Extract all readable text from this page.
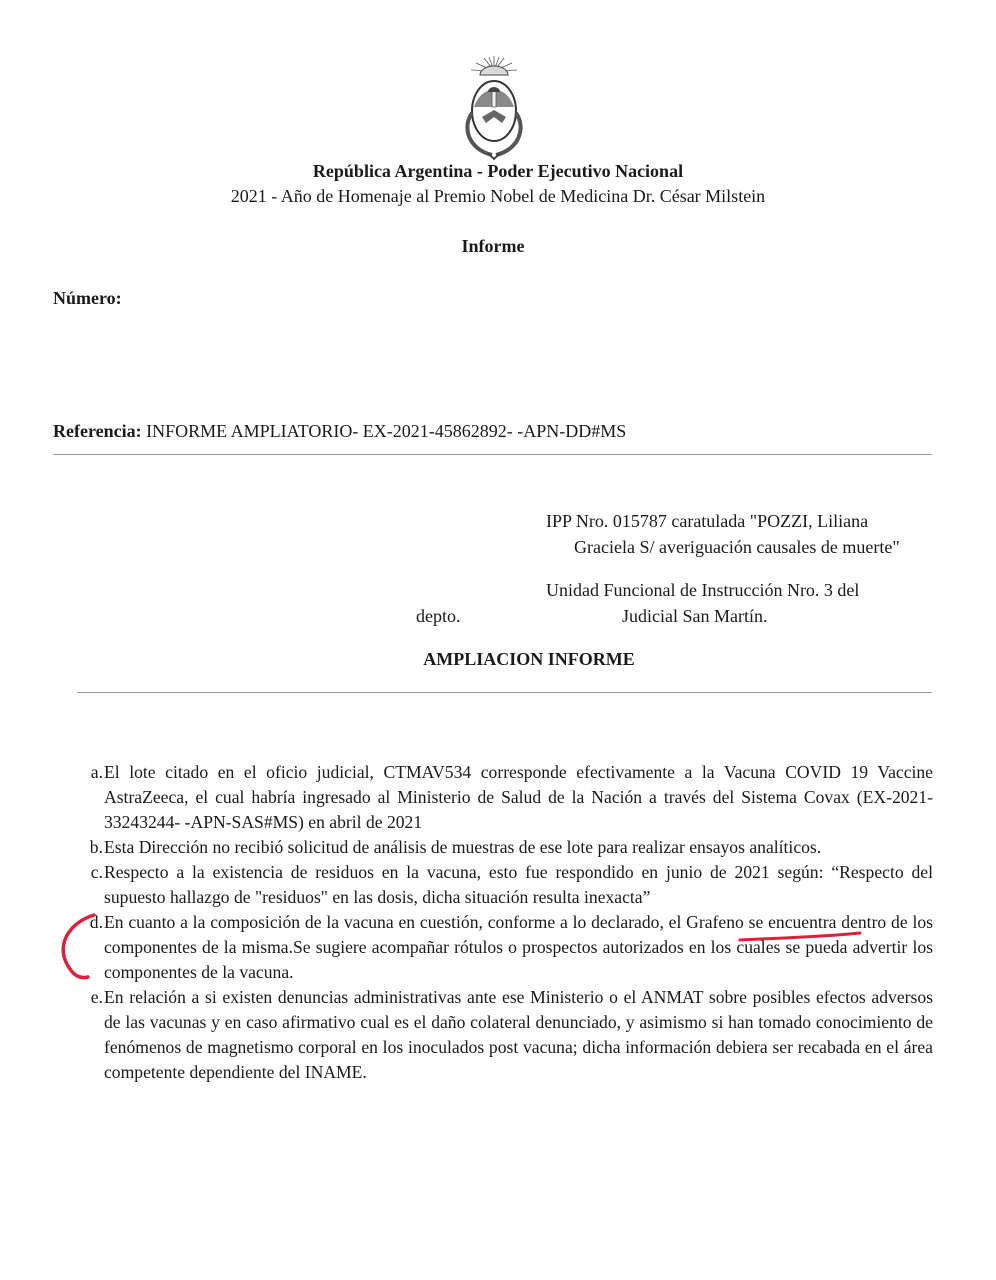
República Argentina - Poder Ejecutivo Nacional
2021 - Año de Homenaje al Premio Nobel de Medicina Dr. César Milstein
Informe
Número:
Referencia: INFORME AMPLIATORIO- EX-2021-45862892- -APN-DD#MS
IPP Nro. 015787 caratulada "POZZI, Liliana
Graciela S/ averiguación causales de muerte"
Unidad Funcional de Instrucción Nro. 3 del
depto.	Judicial San Martín.
AMPLIACION INFORME
a. El lote citado en el oficio judicial, CTMAV534 corresponde efectivamente a la Vacuna COVID 19 Vaccine AstraZeeca, el cual habría ingresado al Ministerio de Salud de la Nación a través del Sistema Covax (EX-2021-33243244- -APN-SAS#MS) en abril de 2021
b. Esta Dirección no recibió solicitud de análisis de muestras de ese lote para realizar ensayos analíticos.
c. Respecto a la existencia de residuos en la vacuna, esto fue respondido en junio de 2021 según: “Respecto del supuesto hallazgo de "residuos" en las dosis, dicha situación resulta inexacta”
d. En cuanto a la composición de la vacuna en cuestión, conforme a lo declarado, el Grafeno se encuentra dentro de los componentes de la misma.Se sugiere acompañar rótulos o prospectos autorizados en los cuales se pueda advertir los componentes de la vacuna.
e. En relación a si existen denuncias administrativas ante ese Ministerio o el ANMAT sobre posibles efectos adversos de las vacunas y en caso afirmativo cual es el daño colateral denunciado, y asimismo si han tomado conocimiento de fenómenos de magnetismo corporal en los inoculados post vacuna; dicha información debiera ser recabada en el área competente dependiente del INAME.
